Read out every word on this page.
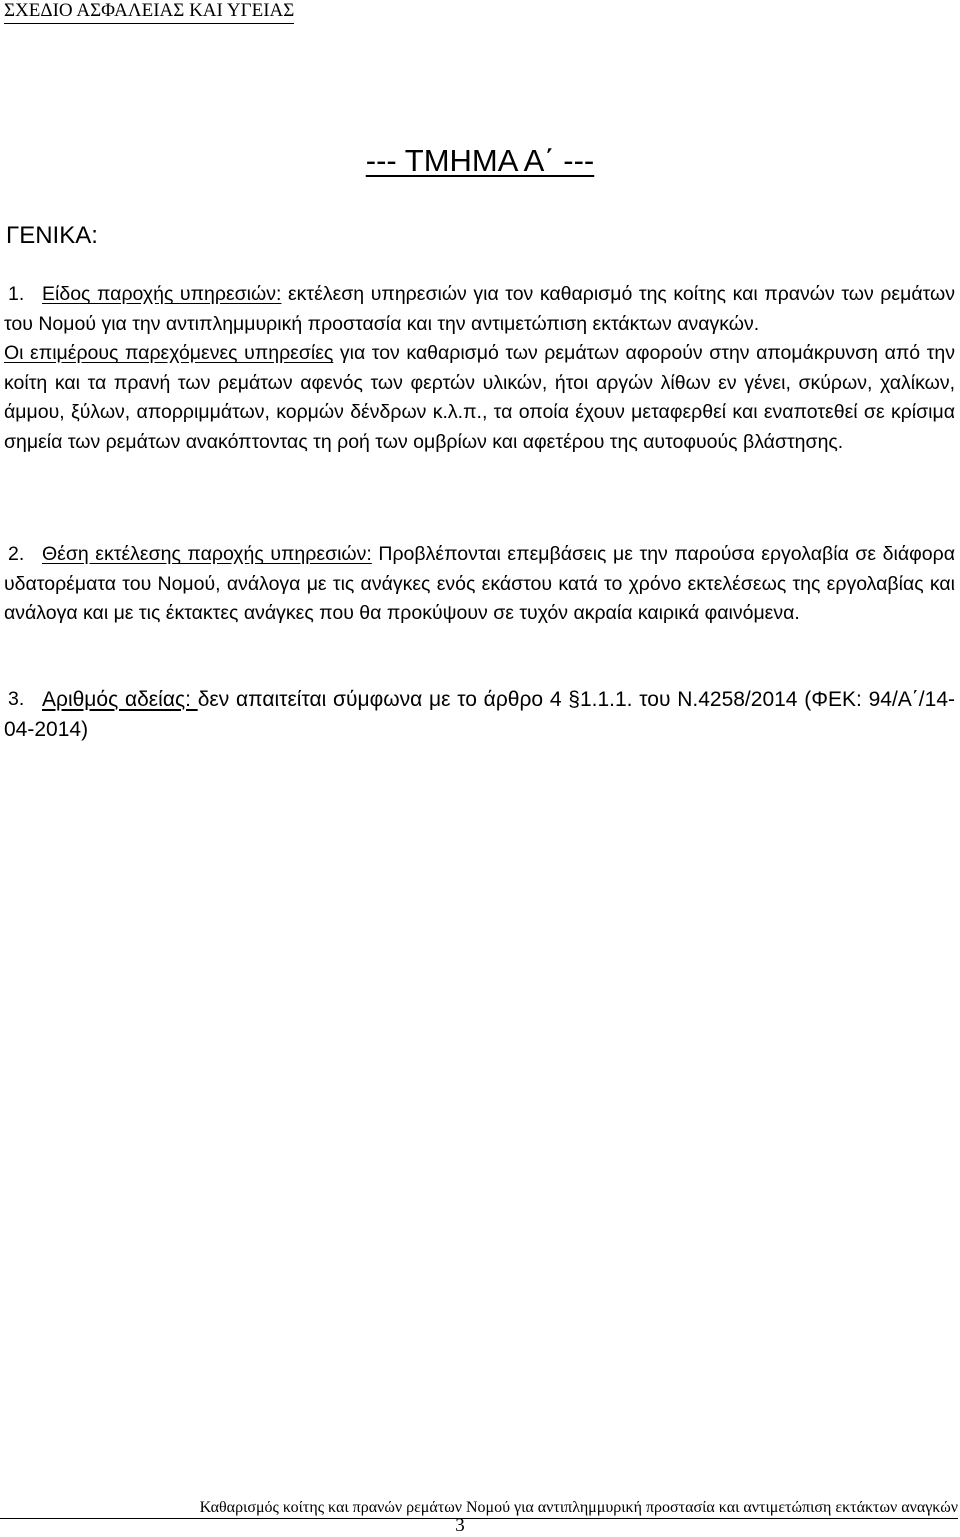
ΣΧΕΔΙΟ ΑΣΦΑΛΕΙΑΣ ΚΑΙ ΥΓΕΙΑΣ
--- ΤΜΗΜΑ Α΄ ---
ΓΕΝΙΚΑ:
1. Είδος παροχής υπηρεσιών: εκτέλεση υπηρεσιών για τον καθαρισμό της κοίτης και πρανών των ρεμάτων του Νομού για την αντιπλημμυρική προστασία και την αντιμετώπιση εκτάκτων αναγκών.

Οι επιμέρους παρεχόμενες υπηρεσίες για τον καθαρισμό των ρεμάτων αφορούν στην απομάκρυνση από την κοίτη και τα πρανή των ρεμάτων αφενός των φερτών υλικών, ήτοι αργών λίθων εν γένει, σκύρων, χαλίκων, άμμου, ξύλων, απορριμμάτων, κορμών δένδρων κ.λ.π., τα οποία έχουν μεταφερθεί και εναποτεθεί σε κρίσιμα σημεία των ρεμάτων ανακόπτοντας τη ροή των ομβρίων και αφετέρου της αυτοφυούς βλάστησης.

2. Θέση εκτέλεσης παροχής υπηρεσιών: Προβλέπονται επεμβάσεις με την παρούσα εργολαβία σε διάφορα υδατορέματα του Νομού, ανάλογα με τις ανάγκες ενός εκάστου κατά το χρόνο εκτελέσεως της εργολαβίας και ανάλογα και με τις έκτακτες ανάγκες που θα προκύψουν σε τυχόν ακραία καιρικά φαινόμενα.

3. Αριθμός αδείας: δεν απαιτείται σύμφωνα με το άρθρο 4 §1.1.1. του Ν.4258/2014 (ΦΕΚ: 94/Α΄/14-04-2014)

Καθαρισμός κοίτης και πρανών ρεμάτων Νομού για αντιπλημμυρική προστασία και αντιμετώπιση εκτάκτων αναγκών
3
